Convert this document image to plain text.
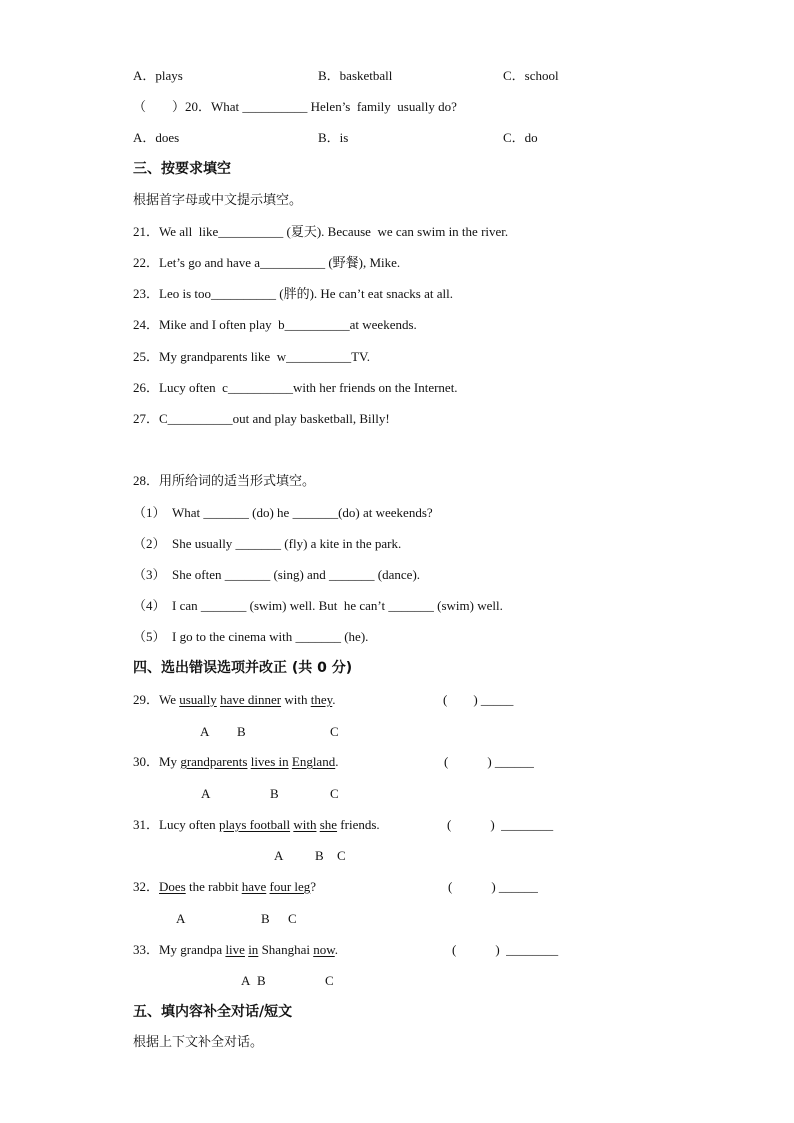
A．plays	B．basketball	C．school
（　　）20．What __________ Helen’s  family  usually do?
A．does	B．is	C．do
三、按要求填空
根据首字母或中文提示填空。
21．We all  like__________ (夏天). Because  we can swim in the river.
22．Let’s go and have a__________ (野餐), Mike.
23．Leo is too__________ (胖的). He can’t eat snacks at all.
24．Mike and I often play  b__________at weekends.
25．My grandparents like  w__________TV.
26．Lucy often  c__________with her friends on the Internet.
27．C__________out and play basketball, Billy!
28．用所给词的适当形式填空。
（1）  What _______ (do) he _______(do) at weekends?
（2）  She usually _______ (fly) a kite in the park.
（3）  She often _______ (sing) and _______ (dance).
（4）  I can _______ (swim) well. But  he can’t _______ (swim) well.
（5）  I go to the cinema with _______ (he).
四、选出错误选项并改正 (共 0 分)
29．We usually have dinner with they.	(　　) _____
A B	C
30．My grandparents lives in England.	(　　　) ______
A	B	C
31．Lucy often plays football with she friends.	(　　　)  ________
A B C
32．Does the rabbit have four leg?	(　　　) ______
A	B C
33．My grandpa live in Shanghai now.	(　　　)  ________
A B	C
五、填内容补全对话/短文
根据上下文补全对话。
